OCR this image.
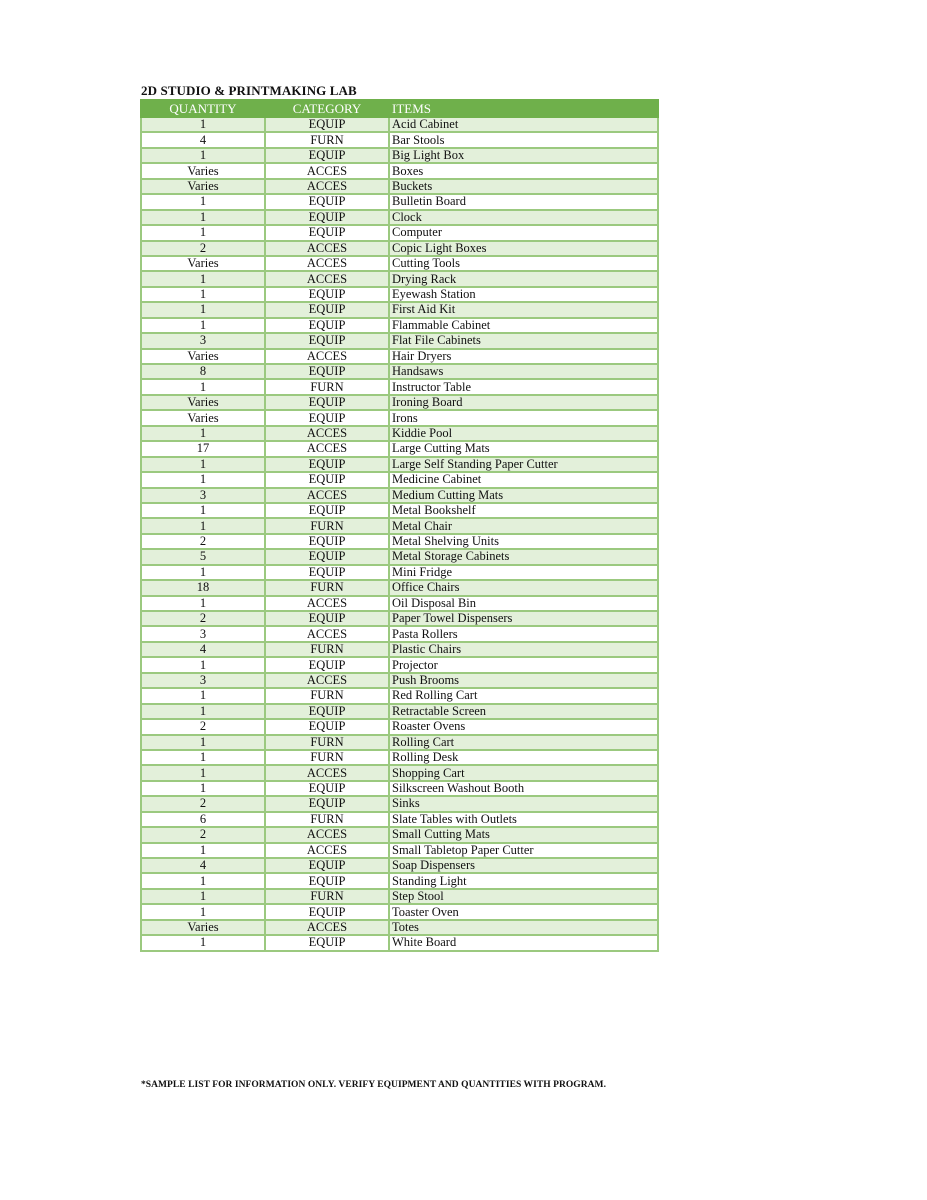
2D STUDIO & PRINTMAKING LAB
QUANTITY	CATEGORY	ITEMS
1	EQUIP	Acid Cabinet
4	FURN	Bar Stools
1	EQUIP	Big Light Box
Varies	ACCES	Boxes
Varies	ACCES	Buckets
1	EQUIP	Bulletin Board
1	EQUIP	Clock
1	EQUIP	Computer
2	ACCES	Copic Light Boxes
Varies	ACCES	Cutting Tools
1	ACCES	Drying Rack
1	EQUIP	Eyewash Station
1	EQUIP	First Aid Kit
1	EQUIP	Flammable Cabinet
3	EQUIP	Flat File Cabinets
Varies	ACCES	Hair Dryers
8	EQUIP	Handsaws
1	FURN	Instructor Table
Varies	EQUIP	Ironing Board
Varies	EQUIP	Irons
1	ACCES	Kiddie Pool
17	ACCES	Large Cutting Mats
1	EQUIP	Large Self Standing Paper Cutter
1	EQUIP	Medicine Cabinet
3	ACCES	Medium Cutting Mats
1	EQUIP	Metal Bookshelf
1	FURN	Metal Chair
2	EQUIP	Metal Shelving Units
5	EQUIP	Metal Storage Cabinets
1	EQUIP	Mini Fridge
18	FURN	Office Chairs
1	ACCES	Oil Disposal Bin
2	EQUIP	Paper Towel Dispensers
3	ACCES	Pasta Rollers
4	FURN	Plastic Chairs
1	EQUIP	Projector
3	ACCES	Push Brooms
1	FURN	Red Rolling Cart
1	EQUIP	Retractable Screen
2	EQUIP	Roaster Ovens
1	FURN	Rolling Cart
1	FURN	Rolling Desk
1	ACCES	Shopping Cart
1	EQUIP	Silkscreen Washout Booth
2	EQUIP	Sinks
6	FURN	Slate Tables with Outlets
2	ACCES	Small Cutting Mats
1	ACCES	Small Tabletop Paper Cutter
4	EQUIP	Soap Dispensers
1	EQUIP	Standing Light
1	FURN	Step Stool
1	EQUIP	Toaster Oven
Varies	ACCES	Totes
1	EQUIP	White Board
*SAMPLE LIST FOR INFORMATION ONLY. VERIFY EQUIPMENT AND QUANTITIES WITH PROGRAM.
